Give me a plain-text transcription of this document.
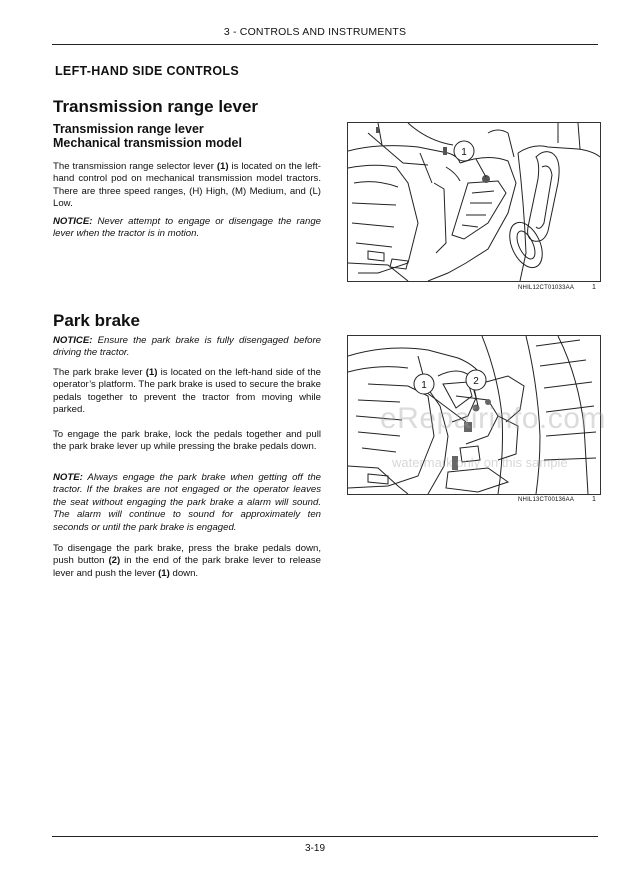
3 - CONTROLS AND INSTRUMENTS
LEFT-HAND SIDE CONTROLS
Transmission range lever
Transmission range lever
Mechanical transmission model
The transmission range selector lever (1) is located on the left-hand control pod on mechanical transmission model tractors. There are three speed ranges, (H) High, (M) Medium, and (L) Low.
NOTICE: Never attempt to engage or disengage the range lever when the tractor is in motion.
1
NHIL12CT01033AA	1
Park brake
NOTICE: Ensure the park brake is fully disengaged before driving the tractor.
The park brake lever (1) is located on the left-hand side of the operator’s platform. The park brake is used to secure the brake pedals together to prevent the tractor from moving while parked.
To engage the park brake, lock the pedals together and pull the park brake lever up while pressing the brake pedals down.
NOTE: Always engage the park brake when getting off the tractor. If the brakes are not engaged or the operator leaves the seat without engaging the park brake a alarm will sound. The alarm will continue to sound for approximately ten seconds or until the park brake is engaged.
To disengage the park brake, press the brake pedals down, push button (2) in the end of the park brake lever to release lever and push the lever (1) down.
1	2
NHIL13CT00136AA	1
eRepairinfo.com
watermark only on this sample
3-19
